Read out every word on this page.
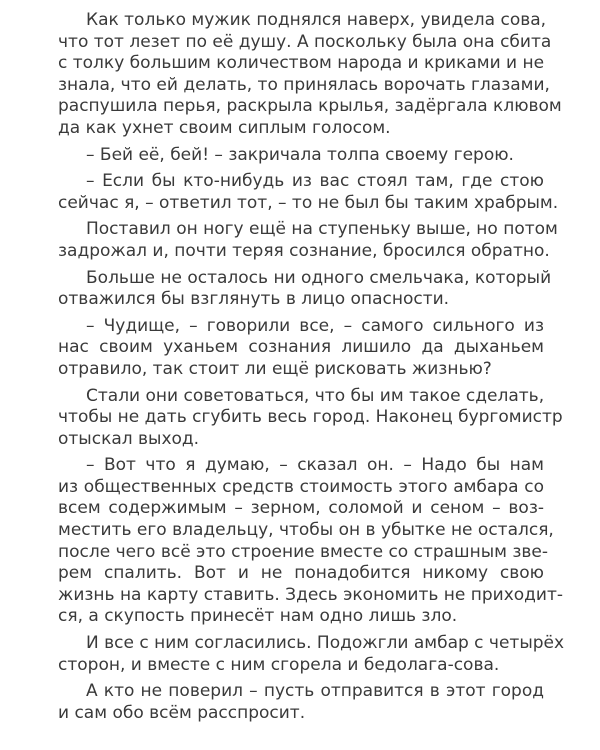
Как только мужик поднялся наверх, увидела сова,
что тот лезет по её душу. А поскольку была она сбита
с толку большим количеством народа и криками и не
знала, что ей делать, то принялась ворочать глазами,
распушила перья, раскрыла крылья, задёргала клювом
да как ухнет своим сиплым голосом.

– Бей её, бей! – закричала толпа своему герою.

– Если бы кто-нибудь из вас стоял там, где стою
сейчас я, – ответил тот, – то не был бы таким храбрым.

Поставил он ногу ещё на ступеньку выше, но потом
задрожал и, почти теряя сознание, бросился обратно.

Больше не осталось ни одного смельчака, который
отважился бы взглянуть в лицо опасности.

– Чудище, – говорили все, – самого сильного из
нас своим уханьем сознания лишило да дыханьем
отравило, так стоит ли ещё рисковать жизнью?

Стали они советоваться, что бы им такое сделать,
чтобы не дать сгубить весь город. Наконец бургомистр
отыскал выход.

– Вот что я думаю, – сказал он. – Надо бы нам
из общественных средств стоимость этого амбара со
всем содержимым – зерном, соломой и сеном – воз-
местить его владельцу, чтобы он в убытке не остался,
после чего всё это строение вместе со страшным зве-
рем спалить. Вот и не понадобится никому свою
жизнь на карту ставить. Здесь экономить не приходит-
ся, а скупость принесёт нам одно лишь зло.

И все с ним согласились. Подожгли амбар с четырёх
сторон, и вместе с ним сгорела и бедолага-сова.

А кто не поверил – пусть отправится в этот город
и сам обо всём расспросит.
